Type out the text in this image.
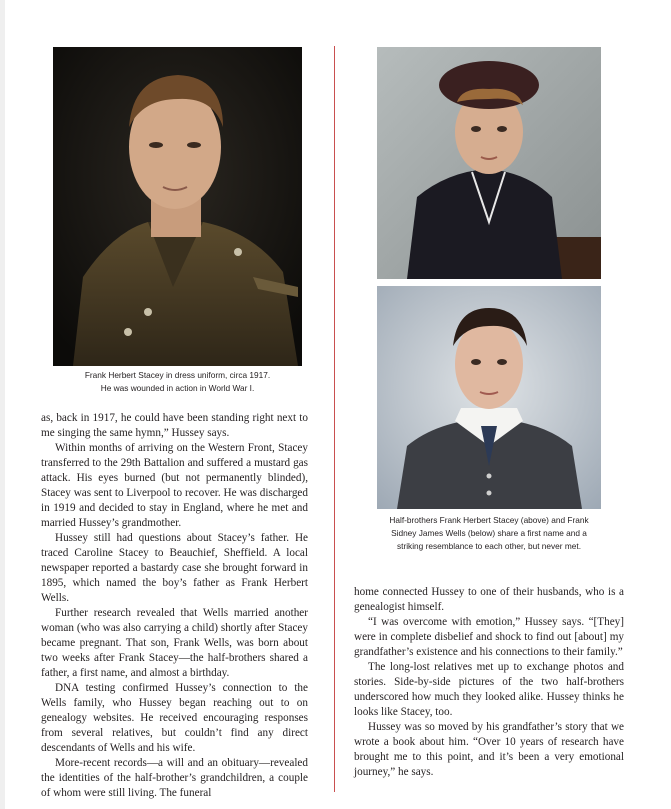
Frank Herbert Stacey in dress uniform, circa 1917.
He was wounded in action in World War I.
Half-brothers Frank Herbert Stacey (above) and Frank
Sidney James Wells (below) share a first name and a
striking resemblance to each other, but never met.

as, back in 1917, he could have been standing right next to me singing the same hymn,” Hussey says.

Within months of arriving on the Western Front, Stacey transferred to the 29th Battalion and suffered a mustard gas attack. His eyes burned (but not permanently blinded), Stacey was sent to Liverpool to recover. He was discharged in 1919 and decided to stay in England, where he met and married Hussey’s grandmother.

Hussey still had questions about Stacey’s father. He traced Caroline Stacey to Beauchief, Sheffield. A local newspaper reported a bastardy case she brought forward in 1895, which named the boy’s father as Frank Herbert Wells.

Further research revealed that Wells married another woman (who was also carrying a child) shortly after Stacey became pregnant. That son, Frank Wells, was born about two weeks after Frank Stacey—the half-brothers shared a father, a first name, and almost a birthday.

DNA testing confirmed Hussey’s connection to the Wells family, who Hussey began reaching out to on genealogy websites. He received encouraging responses from several relatives, but couldn’t find any direct descendants of Wells and his wife.

More-recent records—a will and an obituary—revealed the identities of the half-brother’s grandchildren, a couple of whom were still living. The funeral

home connected Hussey to one of their husbands, who is a genealogist himself.

“I was overcome with emotion,” Hussey says. “[They] were in complete disbelief and shock to find out [about] my grandfather’s existence and his connections to their family.”

The long-lost relatives met up to exchange photos and stories. Side-by-side pictures of the two half-brothers underscored how much they looked alike. Hussey thinks he looks like Stacey, too.

Hussey was so moved by his grandfather’s story that we wrote a book about him. “Over 10 years of research have brought me to this point, and it’s been a very emotional journey,” he says.
